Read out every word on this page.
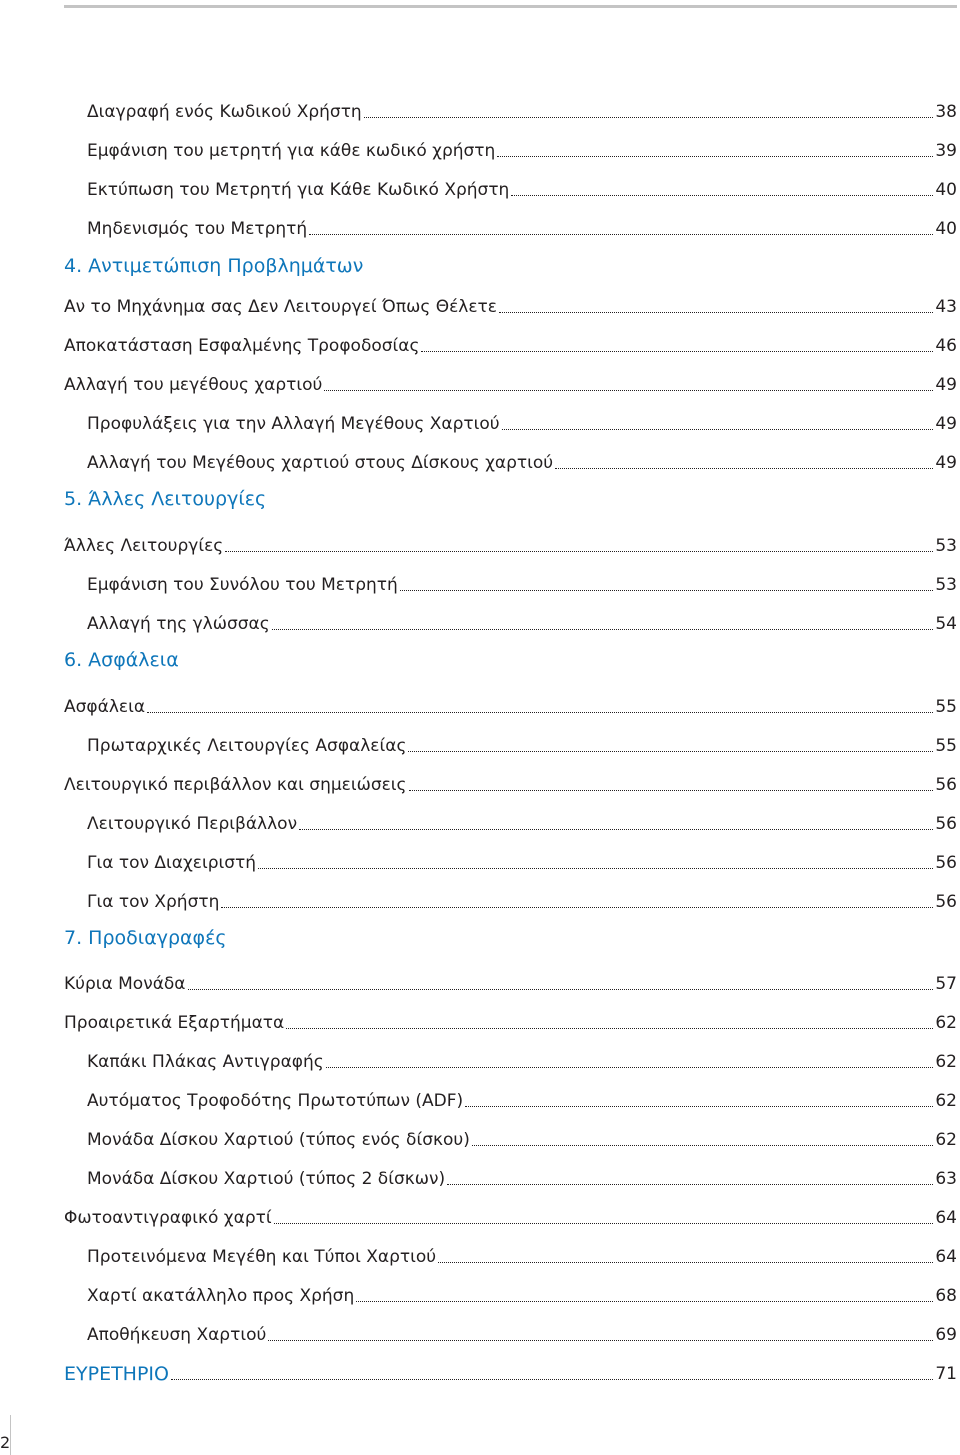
Διαγραφή ενός Κωδικού Χρήστη	38
Εμφάνιση του μετρητή για κάθε κωδικό χρήστη	39
Εκτύπωση του Μετρητή για Κάθε Κωδικό Χρήστη	40
Μηδενισμός του Μετρητή	40
4. Αντιμετώπιση Προβλημάτων
Αν το Μηχάνημα σας Δεν Λειτουργεί Όπως Θέλετε	43
Αποκατάσταση Εσφαλμένης Τροφοδοσίας	46
Αλλαγή του μεγέθους χαρτιού	49
Προφυλάξεις για την Αλλαγή Μεγέθους Χαρτιού	49
Αλλαγή του Μεγέθους χαρτιού στους Δίσκους χαρτιού	49
5. Άλλες Λειτουργίες
Άλλες Λειτουργίες	53
Εμφάνιση του Συνόλου του Μετρητή	53
Αλλαγή της γλώσσας	54
6. Ασφάλεια
Ασφάλεια	55
Πρωταρχικές Λειτουργίες Ασφαλείας	55
Λειτουργικό περιβάλλον και σημειώσεις	56
Λειτουργικό Περιβάλλον	56
Για τον Διαχειριστή	56
Για τον Χρήστη	56
7. Προδιαγραφές
Κύρια Μονάδα	57
Προαιρετικά Εξαρτήματα	62
Καπάκι Πλάκας Αντιγραφής	62
Αυτόματος Τροφοδότης Πρωτοτύπων (ADF)	62
Μονάδα Δίσκου Χαρτιού (τύπος ενός δίσκου)	62
Μονάδα Δίσκου Χαρτιού (τύπος 2 δίσκων)	63
Φωτοαντιγραφικό χαρτί	64
Προτεινόμενα Μεγέθη και Τύποι Χαρτιού	64
Χαρτί ακατάλληλο προς Χρήση	68
Αποθήκευση Χαρτιού	69
ΕΥΡΕΤΗΡΙΟ	71
2
